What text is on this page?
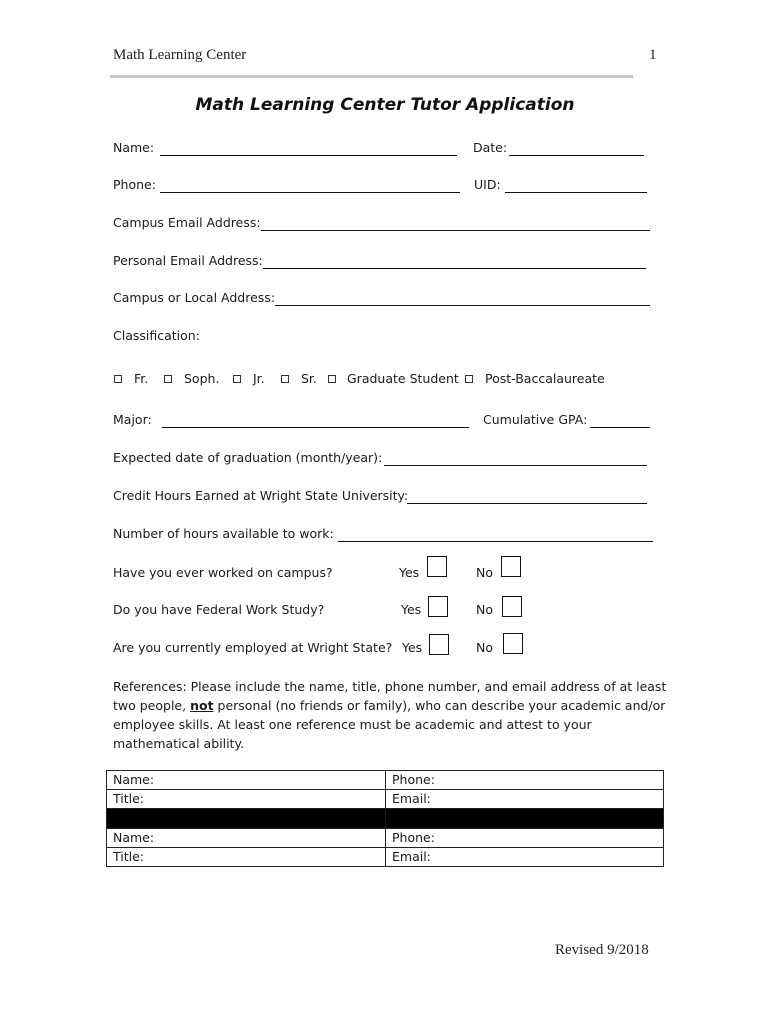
Math Learning Center	1
Math Learning Center Tutor Application
Name:	Date:
Phone:	UID:
Campus Email Address:
Personal Email Address:
Campus or Local Address:
Classification:
Fr.	Soph.	Jr.	Sr. Graduate Student Post-Baccalaureate
Major:	Cumulative GPA:
Expected date of graduation (month/year):
Credit Hours Earned at Wright State University:
Number of hours available to work:
Have you ever worked on campus?	Yes	No
Do you have Federal Work Study?	Yes	No
Are you currently employed at Wright State? Yes	No
References: Please include the name, title, phone number, and email address of at least two people, not personal (no friends or family), who can describe your academic and/or employee skills. At least one reference must be academic and attest to your mathematical ability.
Name:	Phone:
Title:	Email:

Name:	Phone:
Title:	Email:
Revised 9/2018
